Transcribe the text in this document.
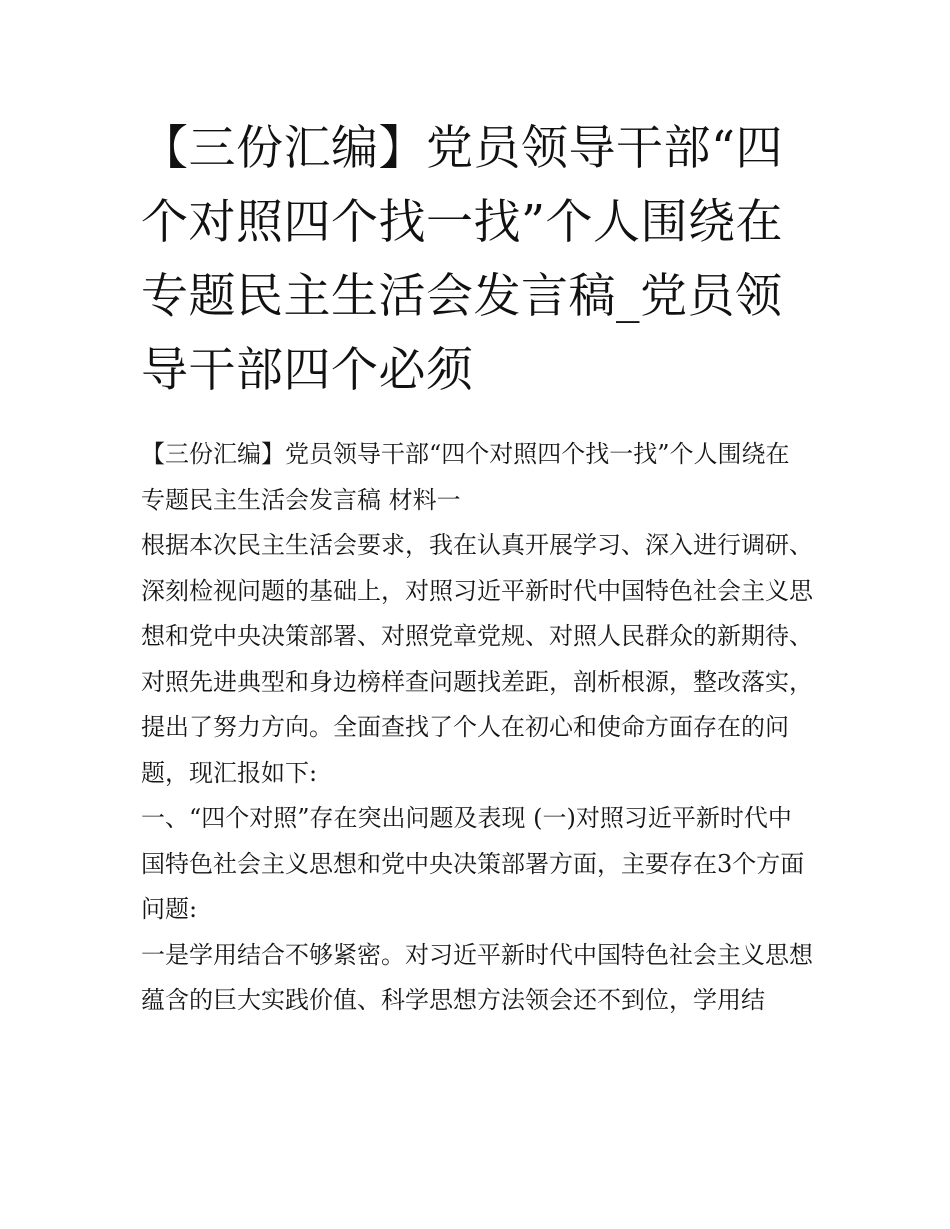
【三份汇编】党员领导干部“四个对照四个找一找”个人围绕在专题民主生活会发言稿_党员领导干部四个必须

【三份汇编】党员领导干部“四个对照四个找一找”个人围绕在专题民主生活会发言稿 材料一

根据本次民主生活会要求，我在认真开展学习、深入进行调研、深刻检视问题的基础上，对照习近平新时代中国特色社会主义思想和党中央决策部署、对照党章党规、对照人民群众的新期待、对照先进典型和身边榜样查问题找差距，剖析根源，整改落实，提出了努力方向。全面查找了个人在初心和使命方面存在的问题，现汇报如下:

一、“四个对照”存在突出问题及表现 (一)对照习近平新时代中国特色社会主义思想和党中央决策部署方面，主要存在3个方面问题:

一是学用结合不够紧密。对习近平新时代中国特色社会主义思想蕴含的巨大实践价值、科学思想方法领会还不到位，学用结
